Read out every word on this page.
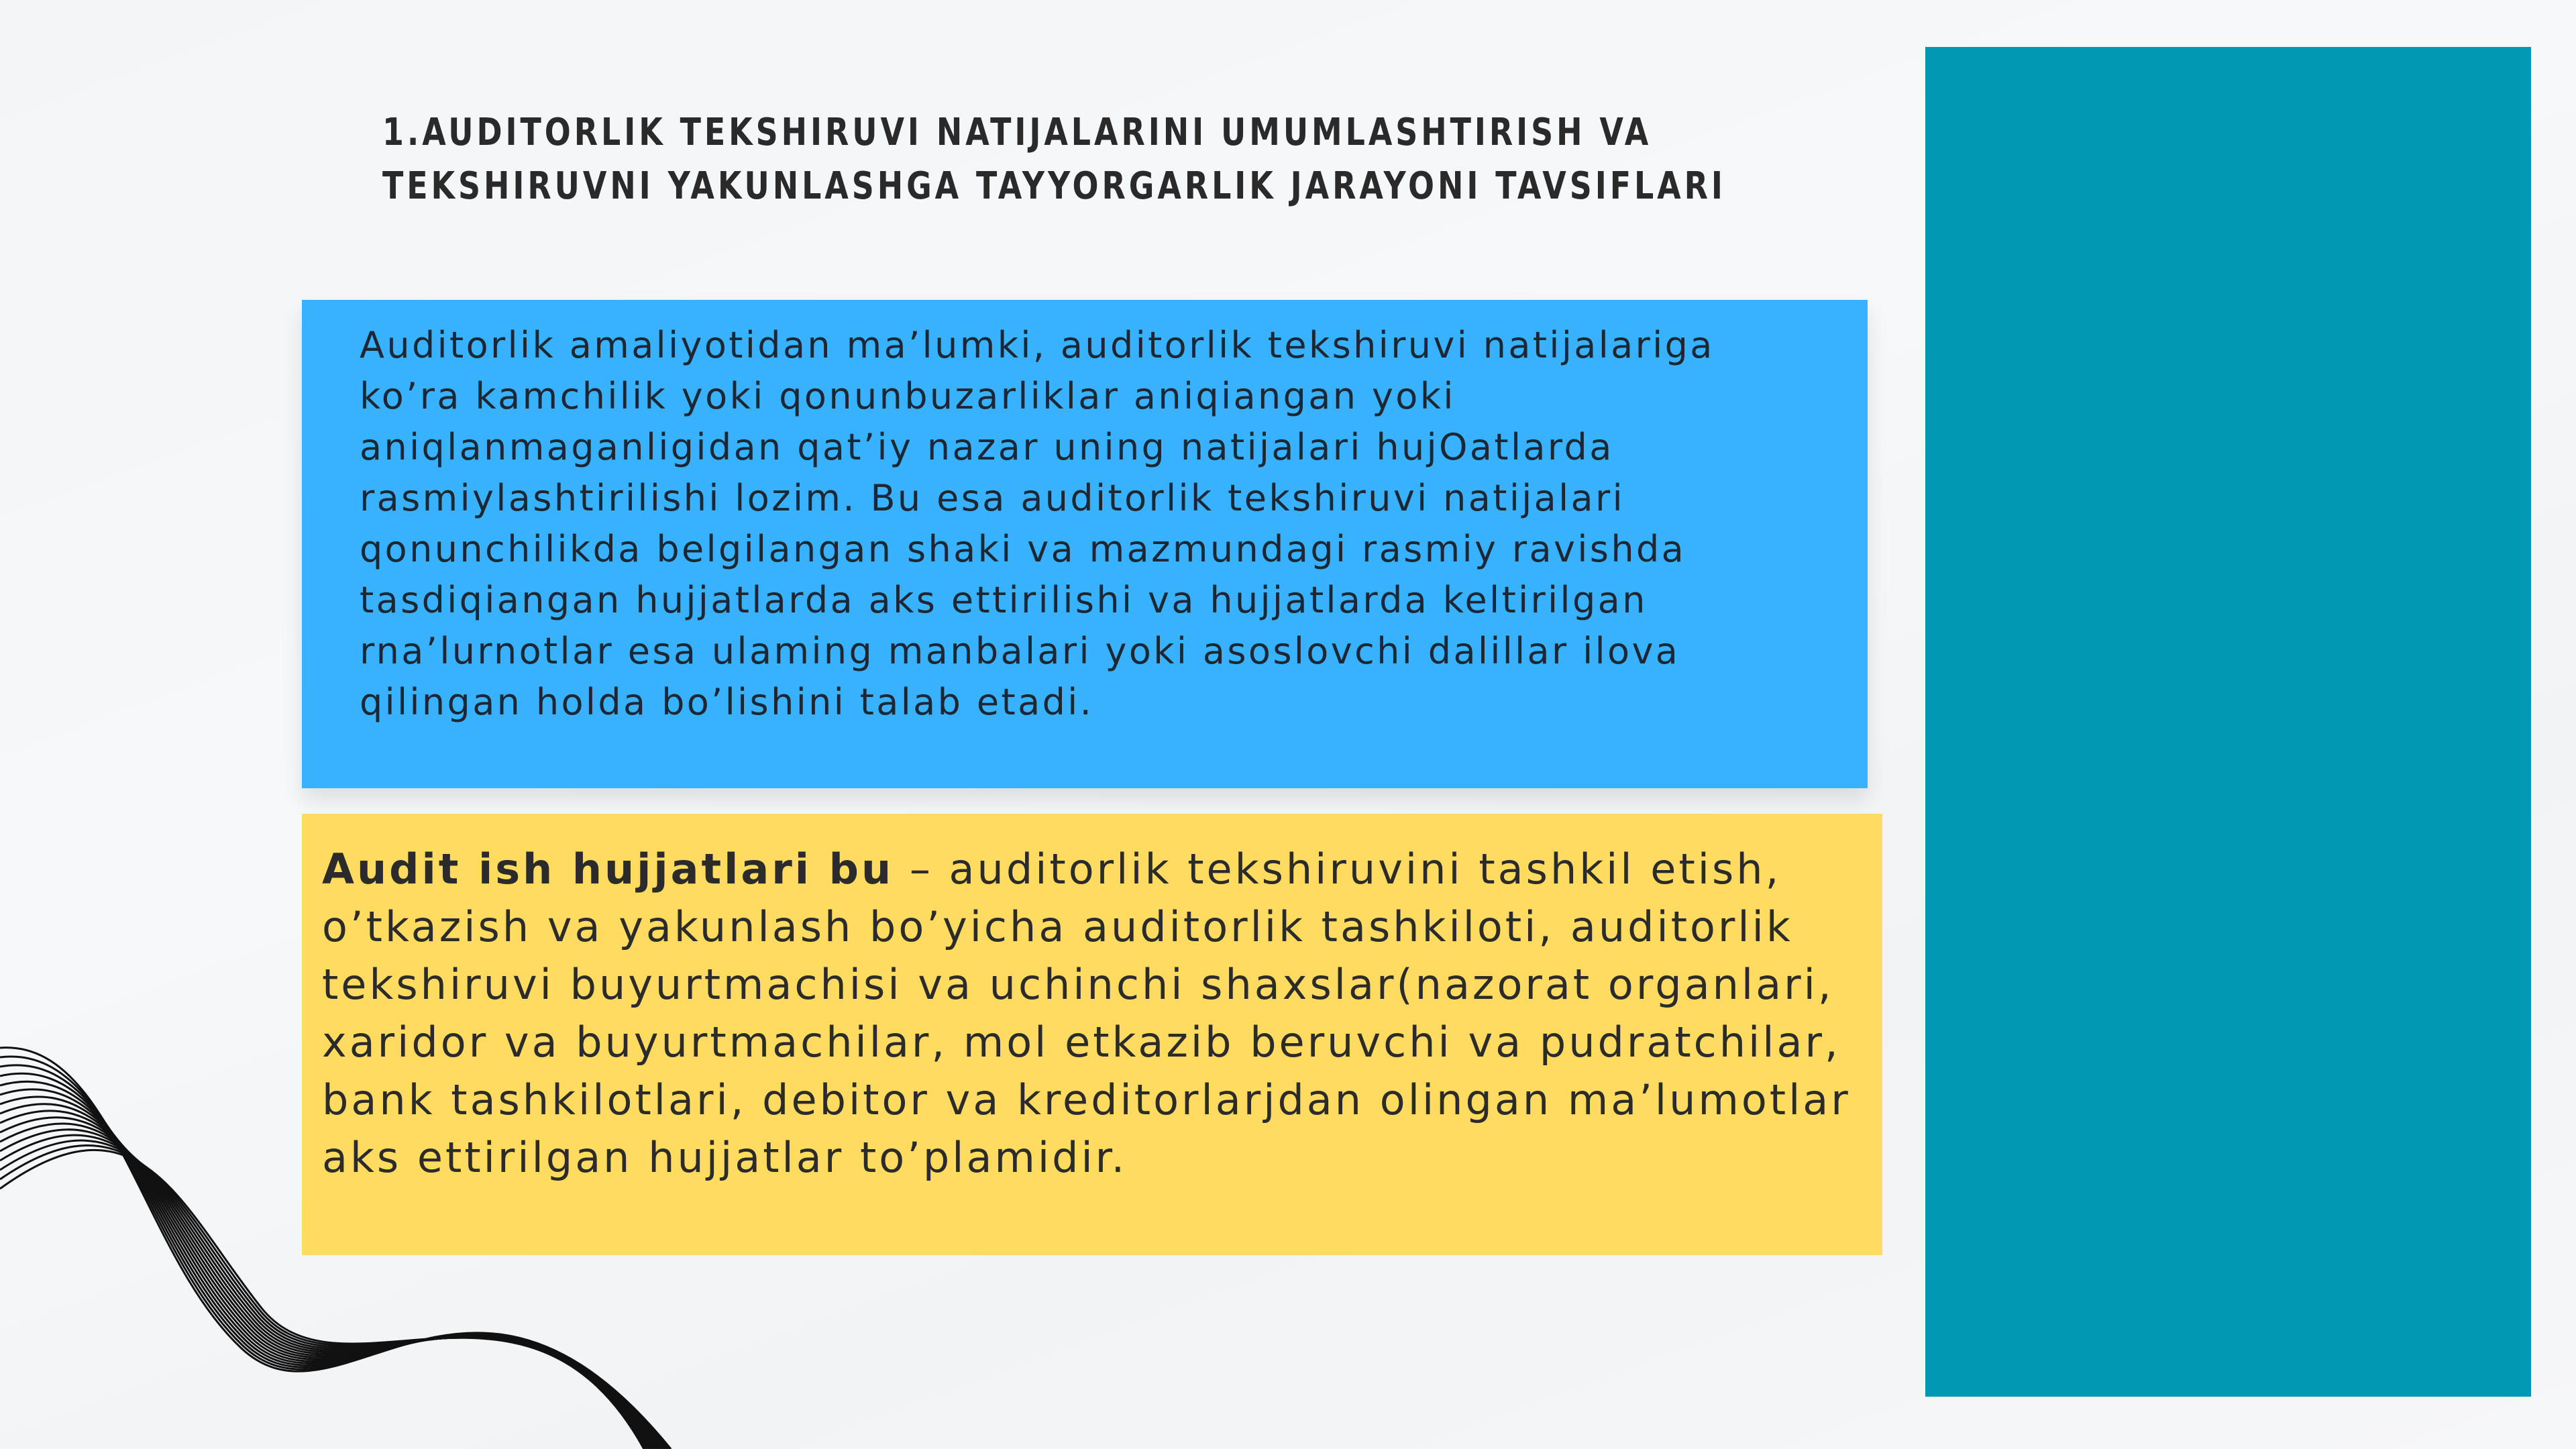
1.AUDITORLIK TEKSHIRUVI NATIJALARINI UMUMLASHTIRISH VA
TEKSHIRUVNI YAKUNLASHGA TAYYORGARLIK JARAYONI TAVSIFLARI

Auditorlik amaliyotidan ma’lumki, auditorlik tekshiruvi natijalariga
ko’ra kamchilik yoki qonunbuzarliklar aniqiangan yoki
aniqlanmaganligidan qat’iy nazar uning natijalari hujOatlarda
rasmiylashtirilishi lozim. Bu esa auditorlik tekshiruvi natijalari
qonunchilikda belgilangan shaki va mazmundagi rasmiy ravishda
tasdiqiangan hujjatlarda aks ettirilishi va hujjatlarda keltirilgan
rna’lurnotlar esa ulaming manbalari yoki asoslovchi dalillar ilova
qilingan holda bo’lishini talab etadi.

Audit ish hujjatlari bu – auditorlik tekshiruvini tashkil etish,
o’tkazish va yakunlash bo’yicha auditorlik tashkiloti, auditorlik
tekshiruvi buyurtmachisi va uchinchi shaxslar(nazorat organlari,
xaridor va buyurtmachilar, mol etkazib beruvchi va pudratchilar,
bank tashkilotlari, debitor va kreditorlarjdan olingan ma’lumotlar
aks ettirilgan hujjatlar to’plamidir.
